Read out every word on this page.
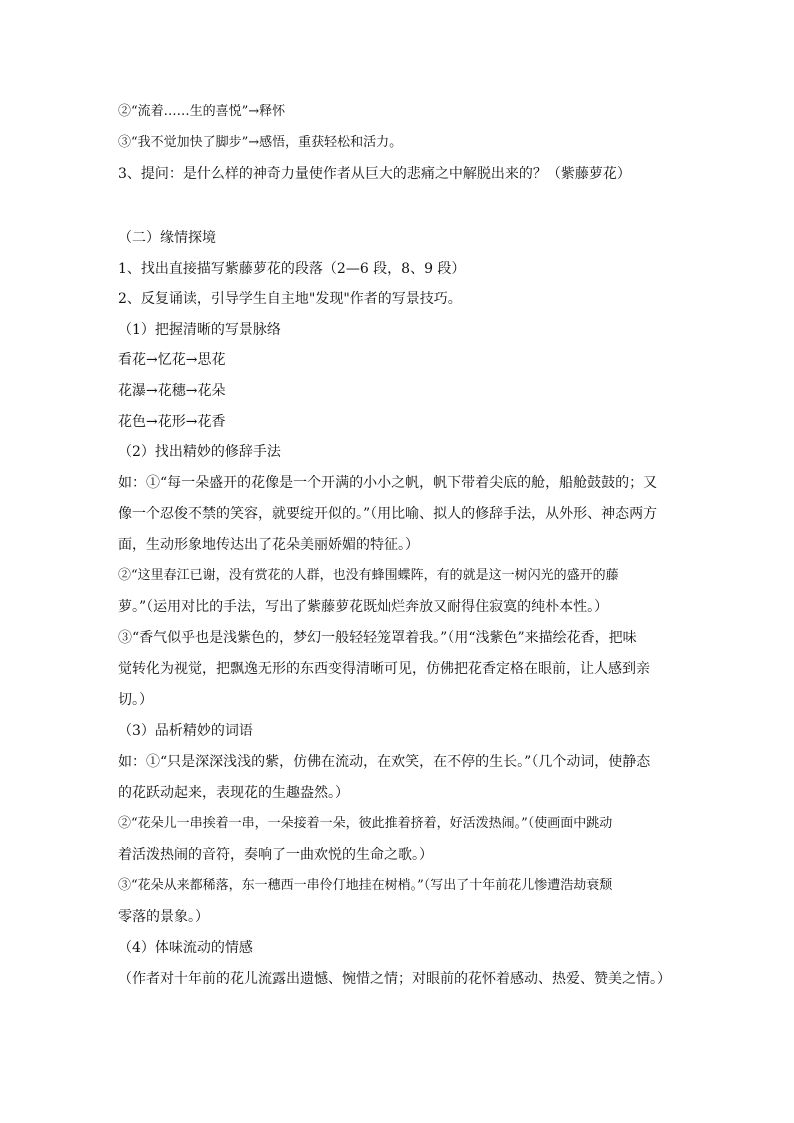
②“流着……生的喜悦”→释怀
③“我不觉加快了脚步”→感悟，重获轻松和活力。
3、提问：是什么样的神奇力量使作者从巨大的悲痛之中解脱出来的？（紫藤萝花）
（二）缘情探境
1、找出直接描写紫藤萝花的段落（2—6 段，8、9 段）
2、反复诵读，引导学生自主地"发现"作者的写景技巧。
（1）把握清晰的写景脉络
看花→忆花→思花
花瀑→花穗→花朵
花色→花形→花香
（2）找出精妙的修辞手法
如：①“每一朵盛开的花像是一个开满的小小之帆，帆下带着尖底的舱，船舱鼓鼓的；又
像一个忍俊不禁的笑容，就要绽开似的。”（用比喻、拟人的修辞手法，从外形、神态两方
面，生动形象地传达出了花朵美丽娇媚的特征。）
②“这里春江已谢，没有赏花的人群，也没有蜂围蝶阵，有的就是这一树闪光的盛开的藤
萝。”（运用对比的手法，写出了紫藤萝花既灿烂奔放又耐得住寂寞的纯朴本性。）
③“香气似乎也是浅紫色的，梦幻一般轻轻笼罩着我。”（用“浅紫色”来描绘花香，把味
觉转化为视觉，把飘逸无形的东西变得清晰可见，仿佛把花香定格在眼前，让人感到亲
切。）
（3）品析精妙的词语
如：①“只是深深浅浅的紫，仿佛在流动，在欢笑，在不停的生长。”（几个动词，使静态
的花跃动起来，表现花的生趣盎然。）
②“花朵儿一串挨着一串，一朵接着一朵，彼此推着挤着，好活泼热闹。”（使画面中跳动
着活泼热闹的音符，奏响了一曲欢悦的生命之歌。）
③“花朵从来都稀落，东一穗西一串伶仃地挂在树梢。”（写出了十年前花儿惨遭浩劫衰颓
零落的景象。）
（4）体味流动的情感
（作者对十年前的花儿流露出遗憾、惋惜之情；对眼前的花怀着感动、热爱、赞美之情。）
